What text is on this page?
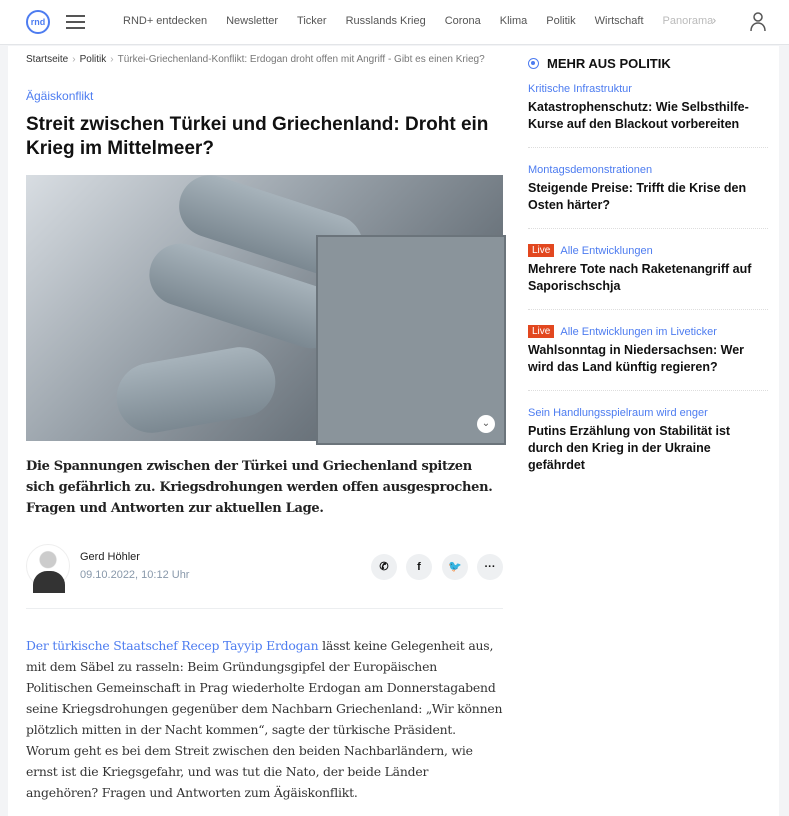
rnd	RND+ entdecken Newsletter Ticker Russlands Krieg Corona Klima Politik Wirtschaft Panorama ›
Startseite › Politik › Türkei-Griechenland-Konflikt: Erdogan droht offen mit Angriff - Gibt es einen Krieg?
Ägäiskonflikt
Streit zwischen Türkei und Griechenland: Droht ein Krieg im Mittelmeer?
⌄

Die Spannungen zwischen der Türkei und Griechenland spitzen sich gefährlich zu. Kriegsdrohungen werden offen ausgesprochen. Fragen und Antworten zur aktuellen Lage.

Gerd Höhler
09.10.2022, 10:12 Uhr
✆	f	🐦	···

Der türkische Staatschef Recep Tayyip Erdogan lässt keine Gelegenheit aus, mit dem Säbel zu rasseln: Beim Gründungsgipfel der Europäischen Politischen Gemeinschaft in Prag wiederholte Erdogan am Donnerstagabend seine Kriegsdrohungen gegenüber dem Nachbarn Griechenland: „Wir können plötzlich mitten in der Nacht kommen“, sagte der türkische Präsident. Worum geht es bei dem Streit zwischen den beiden Nachbarländern, wie ernst ist die Kriegsgefahr, und was tut die Nato, der beide Länder angehören? Fragen und Antworten zum Ägäiskonflikt.

MEHR AUS POLITIK
Kritische Infrastruktur
Katastrophenschutz: Wie Selbsthilfe-Kurse auf den Blackout vorbereiten
Montagsdemonstrationen
Steigende Preise: Trifft die Krise den Osten härter?
Live Alle Entwicklungen
Mehrere Tote nach Raketenangriff auf Saporischschja
Live Alle Entwicklungen im Liveticker
Wahlsonntag in Niedersachsen: Wer wird das Land künftig regieren?
Sein Handlungsspielraum wird enger
Putins Erzählung von Stabilität ist durch den Krieg in der Ukraine gefährdet
